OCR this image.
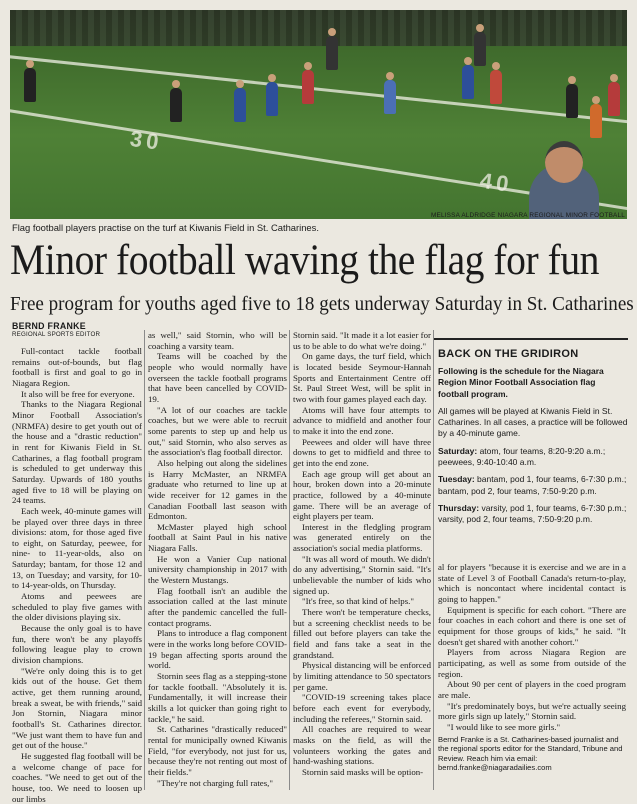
30
40
MELISSA ALDRIDGE NIAGARA REGIONAL MINOR FOOTBALL
Flag football players practise on the turf at Kiwanis Field in St. Catharines.
Minor football waving the flag for fun
Free program for youths aged five to 18 gets underway Saturday in St. Catharines
BERND FRANKE
REGIONAL SPORTS EDITOR

Full-contact tackle football remains out-of-bounds, but flag football is first and goal to go in Niagara Region.

It also will be free for everyone.

Thanks to the Niagara Regional Minor Football Association's (NRMFA) desire to get youth out of the house and a "drastic reduction" in rent for Kiwanis Field in St. Catharines, a flag football program is scheduled to get underway this Saturday. Upwards of 180 youths aged five to 18 will be playing on 24 teams.

Each week, 40-minute games will be played over three days in three divisions: atom, for those aged five to eight, on Saturday, peewee, for nine- to 11-year-olds, also on Saturday; bantam, for those 12 and 13, on Tuesday; and varsity, for 10- to 14-year-olds, on Thursday.

Atoms and peewees are scheduled to play five games with the older divisions playing six.

Because the only goal is to have fun, there won't be any playoffs following league play to crown division champions.

"We're only doing this is to get kids out of the house. Get them active, get them running around, break a sweat, be with friends," said Jon Stornin, Niagara minor football's St. Catharines director. "We just want them to have fun and get out of the house."

He suggested flag football will be a welcome change of pace for coaches. "We need to get out of the house, too. We need to loosen up our limbs

as well," said Stornin, who will be coaching a varsity team.

Teams will be coached by the people who would normally have overseen the tackle football programs that have been cancelled by COVID-19.

"A lot of our coaches are tackle coaches, but we were able to recruit some parents to step up and help us out," said Stornin, who also serves as the association's flag football director.

Also helping out along the sidelines is Harry McMaster, an NRMFA graduate who returned to line up at wide receiver for 12 games in the Canadian Football last season with Edmonton.

McMaster played high school football at Saint Paul in his native Niagara Falls.

He won a Vanier Cup national university championship in 2017 with the Western Mustangs.

Flag football isn't an audible the association called at the last minute after the pandemic cancelled the full-contact programs.

Plans to introduce a flag component were in the works long before COVID-19 began affecting sports around the world.

Stornin sees flag as a stepping-stone for tackle football. "Absolutely it is. Fundamentally, it will increase their skills a lot quicker than going right to tackle," he said.

St. Catharines "drastically reduced" rental for municipally owned Kiwanis Field, "for everybody, not just for us, because they're not renting out most of their fields."

"They're not charging full rates,"

Stornin said. "It made it a lot easier for us to be able to do what we're doing."

On game days, the turf field, which is located beside Seymour-Hannah Sports and Entertainment Centre off St. Paul Street West, will be split in two with four games played each day.

Atoms will have four attempts to advance to midfield and another four to make it into the end zone.

Peewees and older will have three downs to get to midfield and three to get into the end zone.

Each age group will get about an hour, broken down into a 20-minute practice, followed by a 40-minute game. There will be an average of eight players per team.

Interest in the fledgling program was generated entirely on the association's social media platforms.

"It was all word of mouth. We didn't do any advertising," Stornin said. "It's unbelievable the number of kids who signed up.

"It's free, so that kind of helps."

There won't be temperature checks, but a screening checklist needs to be filled out before players can take the field and fans take a seat in the grandstand.

Physical distancing will be enforced by limiting attendance to 50 spectators per game.

"COVID-19 screening takes place before each event for everybody, including the referees," Stornin said.

All coaches are required to wear masks on the field, as will the volunteers working the gates and hand-washing stations.

Stornin said masks will be option-

BACK ON THE GRIDIRON

Following is the schedule for the Niagara Region Minor Football Association flag football program.

All games will be played at Kiwanis Field in St. Catharines. In all cases, a practice will be followed by a 40-minute game.

Saturday: atom, four teams, 8:20-9:20 a.m.; peewees, 9:40-10:40 a.m.

Tuesday: bantam, pod 1, four teams, 6-7:30 p.m.; bantam, pod 2, four teams, 7:50-9:20 p.m.

Thursday: varsity, pod 1, four teams, 6-7:30 p.m.; varsity, pod 2, four teams, 7:50-9:20 p.m.

al for players "because it is exercise and we are in a state of Level 3 of Football Canada's return-to-play, which is noncontact where incidental contact is going to happen."

Equipment is specific for each cohort. "There are four coaches in each cohort and there is one set of equipment for those groups of kids," he said. "It doesn't get shared with another cohort."

Players from across Niagara Region are participating, as well as some from outside of the region.

About 90 per cent of players in the coed program are male.

"It's predominately boys, but we're actually seeing more girls sign up lately," Stornin said.

"I would like to see more girls."

Bernd Franke is a St. Catharines-based journalist and the regional sports editor for the Standard, Tribune and Review. Reach him via email: bernd.franke@niagaradailies.com
